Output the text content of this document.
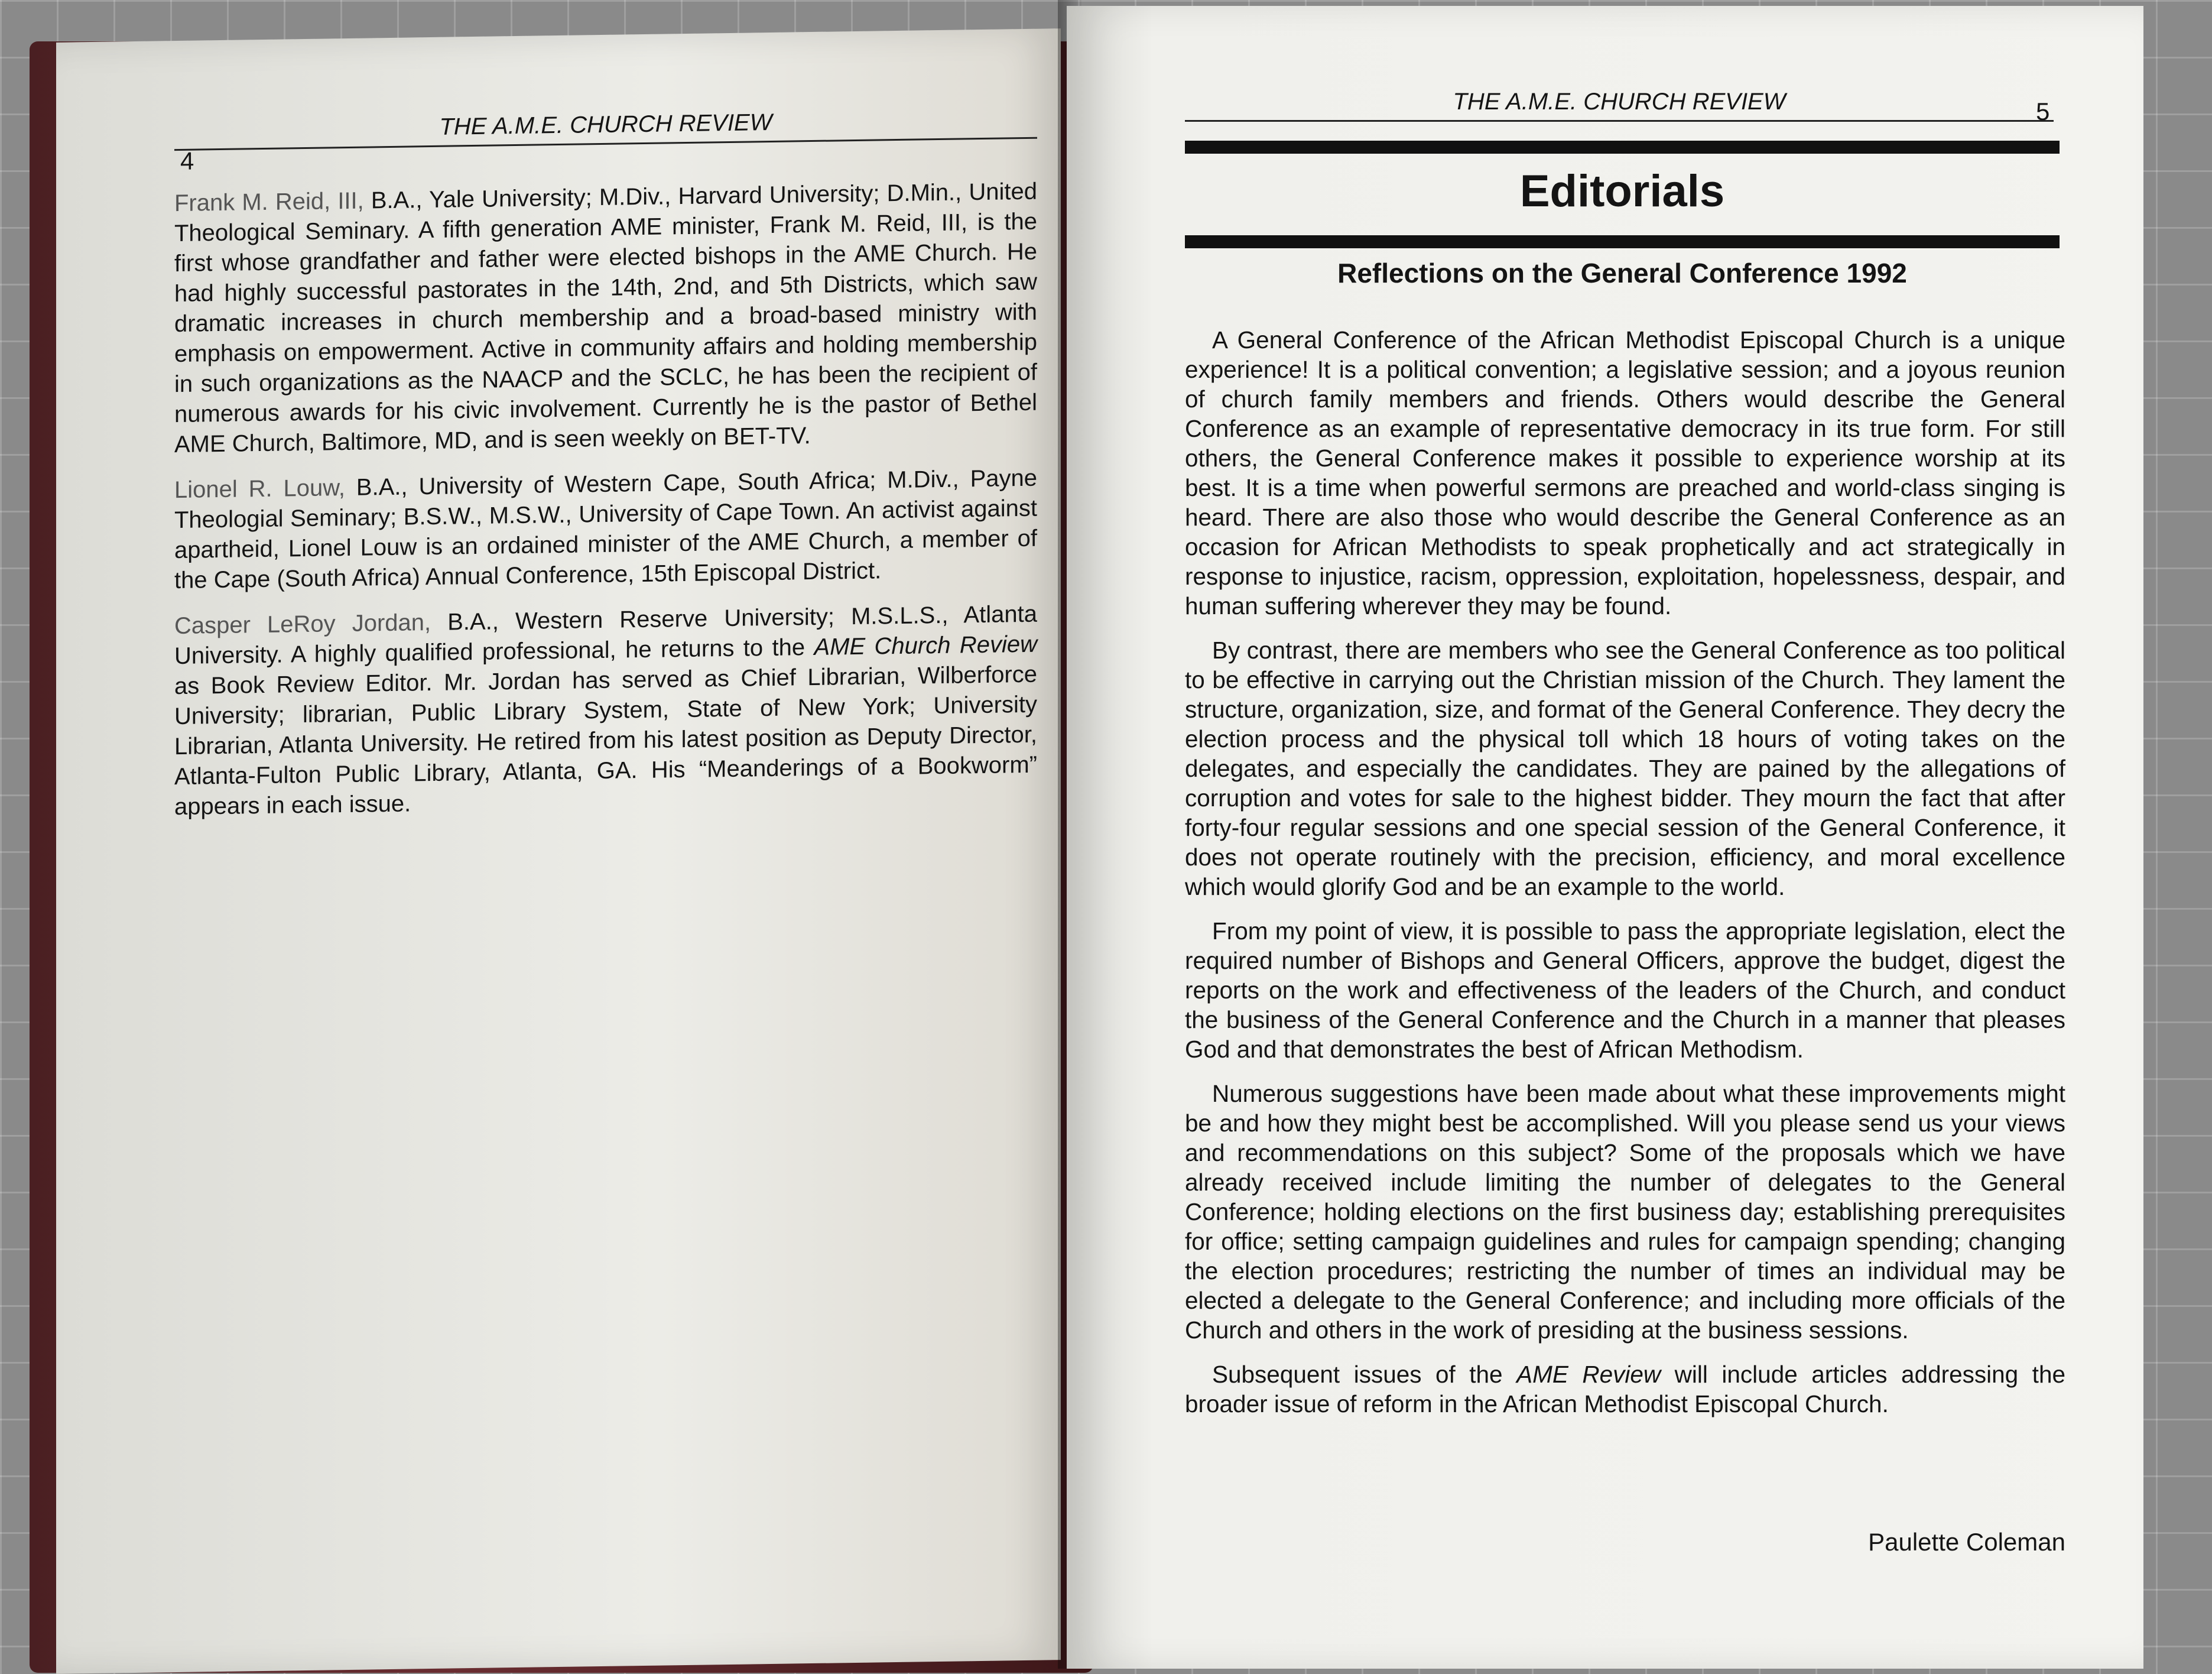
THE A.M.E. CHURCH REVIEW
4

Frank M. Reid, III, B.A., Yale University; M.Div., Harvard University; D.Min., United Theological Seminary. A fifth generation AME minister, Frank M. Reid, III, is the first whose grandfather and father were elected bishops in the AME Church. He had highly successful pastorates in the 14th, 2nd, and 5th Districts, which saw dramatic increases in church membership and a broad-based ministry with emphasis on empowerment. Active in community affairs and holding membership in such organizations as the NAACP and the SCLC, he has been the recipient of numerous awards for his civic involvement. Currently he is the pastor of Bethel AME Church, Baltimore, MD, and is seen weekly on BET-TV.

Lionel R. Louw, B.A., University of Western Cape, South Africa; M.Div., Payne Theologial Seminary; B.S.W., M.S.W., University of Cape Town. An activist against apartheid, Lionel Louw is an ordained minister of the AME Church, a member of the Cape (South Africa) Annual Conference, 15th Episcopal District.

Casper LeRoy Jordan, B.A., Western Reserve University; M.S.L.S., Atlanta University. A highly qualified professional, he returns to the AME Church Review as Book Review Editor. Mr. Jordan has served as Chief Librarian, Wilberforce University; librarian, Public Library System, State of New York; University Librarian, Atlanta University. He retired from his latest position as Deputy Director, Atlanta-Fulton Public Library, Atlanta, GA. His “Meanderings of a Bookworm” appears in each issue.

THE A.M.E. CHURCH REVIEW	5
Editorials
Reflections on the General Conference 1992

A General Conference of the African Methodist Episcopal Church is a unique experience! It is a political convention; a legislative session; and a joyous reunion of church family members and friends. Others would describe the General Conference as an example of representative democracy in its true form. For still others, the General Conference makes it possible to experience worship at its best. It is a time when powerful sermons are preached and world-class singing is heard. There are also those who would describe the General Conference as an occasion for African Methodists to speak prophetically and act strategically in response to injustice, racism, oppression, exploitation, hopelessness, despair, and human suffering wherever they may be found.

By contrast, there are members who see the General Conference as too political to be effective in carrying out the Christian mission of the Church. They lament the structure, organization, size, and format of the General Conference. They decry the election process and the physical toll which 18 hours of voting takes on the delegates, and especially the candidates. They are pained by the allegations of corruption and votes for sale to the highest bidder. They mourn the fact that after forty-four regular sessions and one special session of the General Conference, it does not operate routinely with the precision, efficiency, and moral excellence which would glorify God and be an example to the world.

From my point of view, it is possible to pass the appropriate legislation, elect the required number of Bishops and General Officers, approve the budget, digest the reports on the work and effectiveness of the leaders of the Church, and conduct the business of the General Conference and the Church in a manner that pleases God and that demonstrates the best of African Methodism.

Numerous suggestions have been made about what these improvements might be and how they might best be accomplished. Will you please send us your views and recommendations on this subject? Some of the proposals which we have already received include limiting the number of delegates to the General Conference; holding elections on the first business day; establishing prerequisites for office; setting campaign guidelines and rules for campaign spending; changing the election procedures; restricting the number of times an individual may be elected a delegate to the General Conference; and including more officials of the Church and others in the work of presiding at the business sessions.

Subsequent issues of the AME Review will include articles addressing the broader issue of reform in the African Methodist Episcopal Church.

Paulette Coleman
